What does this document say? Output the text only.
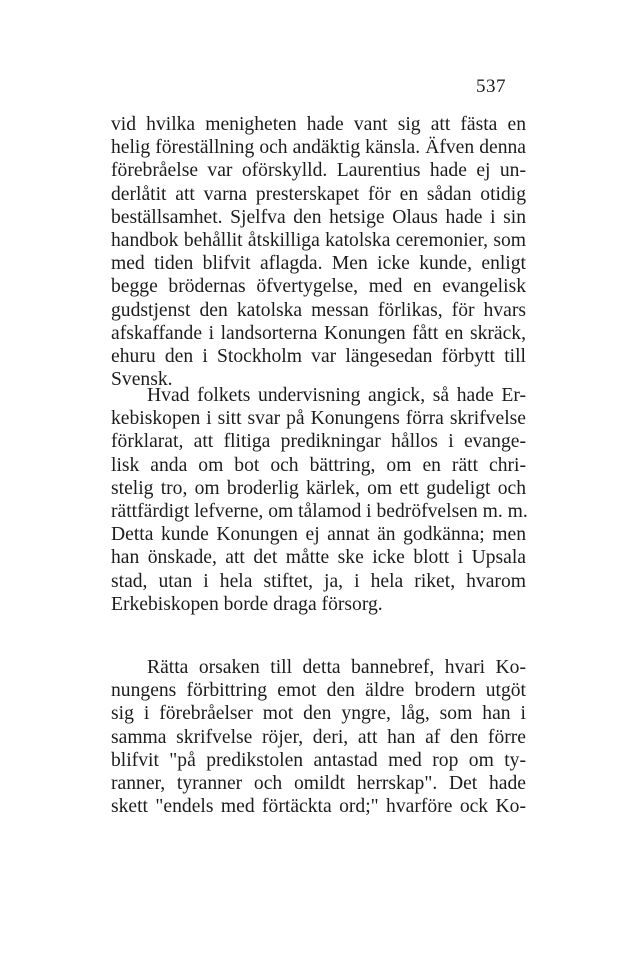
537
vid hvilka menigheten hade vant sig att fästa en
helig föreställning och andäktig känsla. Äfven denna
förebråelse var oförskylld. Laurentius hade ej un-
derlåtit att varna presterskapet för en sådan otidig
beställsamhet. Sjelfva den hetsige Olaus hade i sin
handbok behållit åtskilliga katolska ceremonier, som
med tiden blifvit aflagda. Men icke kunde, enligt
begge brödernas öfvertygelse, med en evangelisk
gudstjenst den katolska messan förlikas, för hvars
afskaffande i landsorterna Konungen fått en skräck,
ehuru den i Stockholm var längesedan förbytt till
Svensk.
Hvad folkets undervisning angick, så hade Er-
kebiskopen i sitt svar på Konungens förra skrifvelse
förklarat, att flitiga predikningar hållos i evange-
lisk anda om bot och bättring, om en rätt chri-
stelig tro, om broderlig kärlek, om ett gudeligt och
rättfärdigt lefverne, om tålamod i bedröfvelsen m. m.
Detta kunde Konungen ej annat än godkänna; men
han önskade, att det måtte ske icke blott i Upsala
stad, utan i hela stiftet, ja, i hela riket, hvarom
Erkebiskopen borde draga försorg.
Rätta orsaken till detta bannebref, hvari Ko-
nungens förbittring emot den äldre brodern utgöt
sig i förebråelser mot den yngre, låg, som han i
samma skrifvelse röjer, deri, att han af den förre
blifvit "på predikstolen antastad med rop om ty-
ranner, tyranner och omildt herrskap". Det hade
skett "endels med förtäckta ord;" hvarföre ock Ko-
